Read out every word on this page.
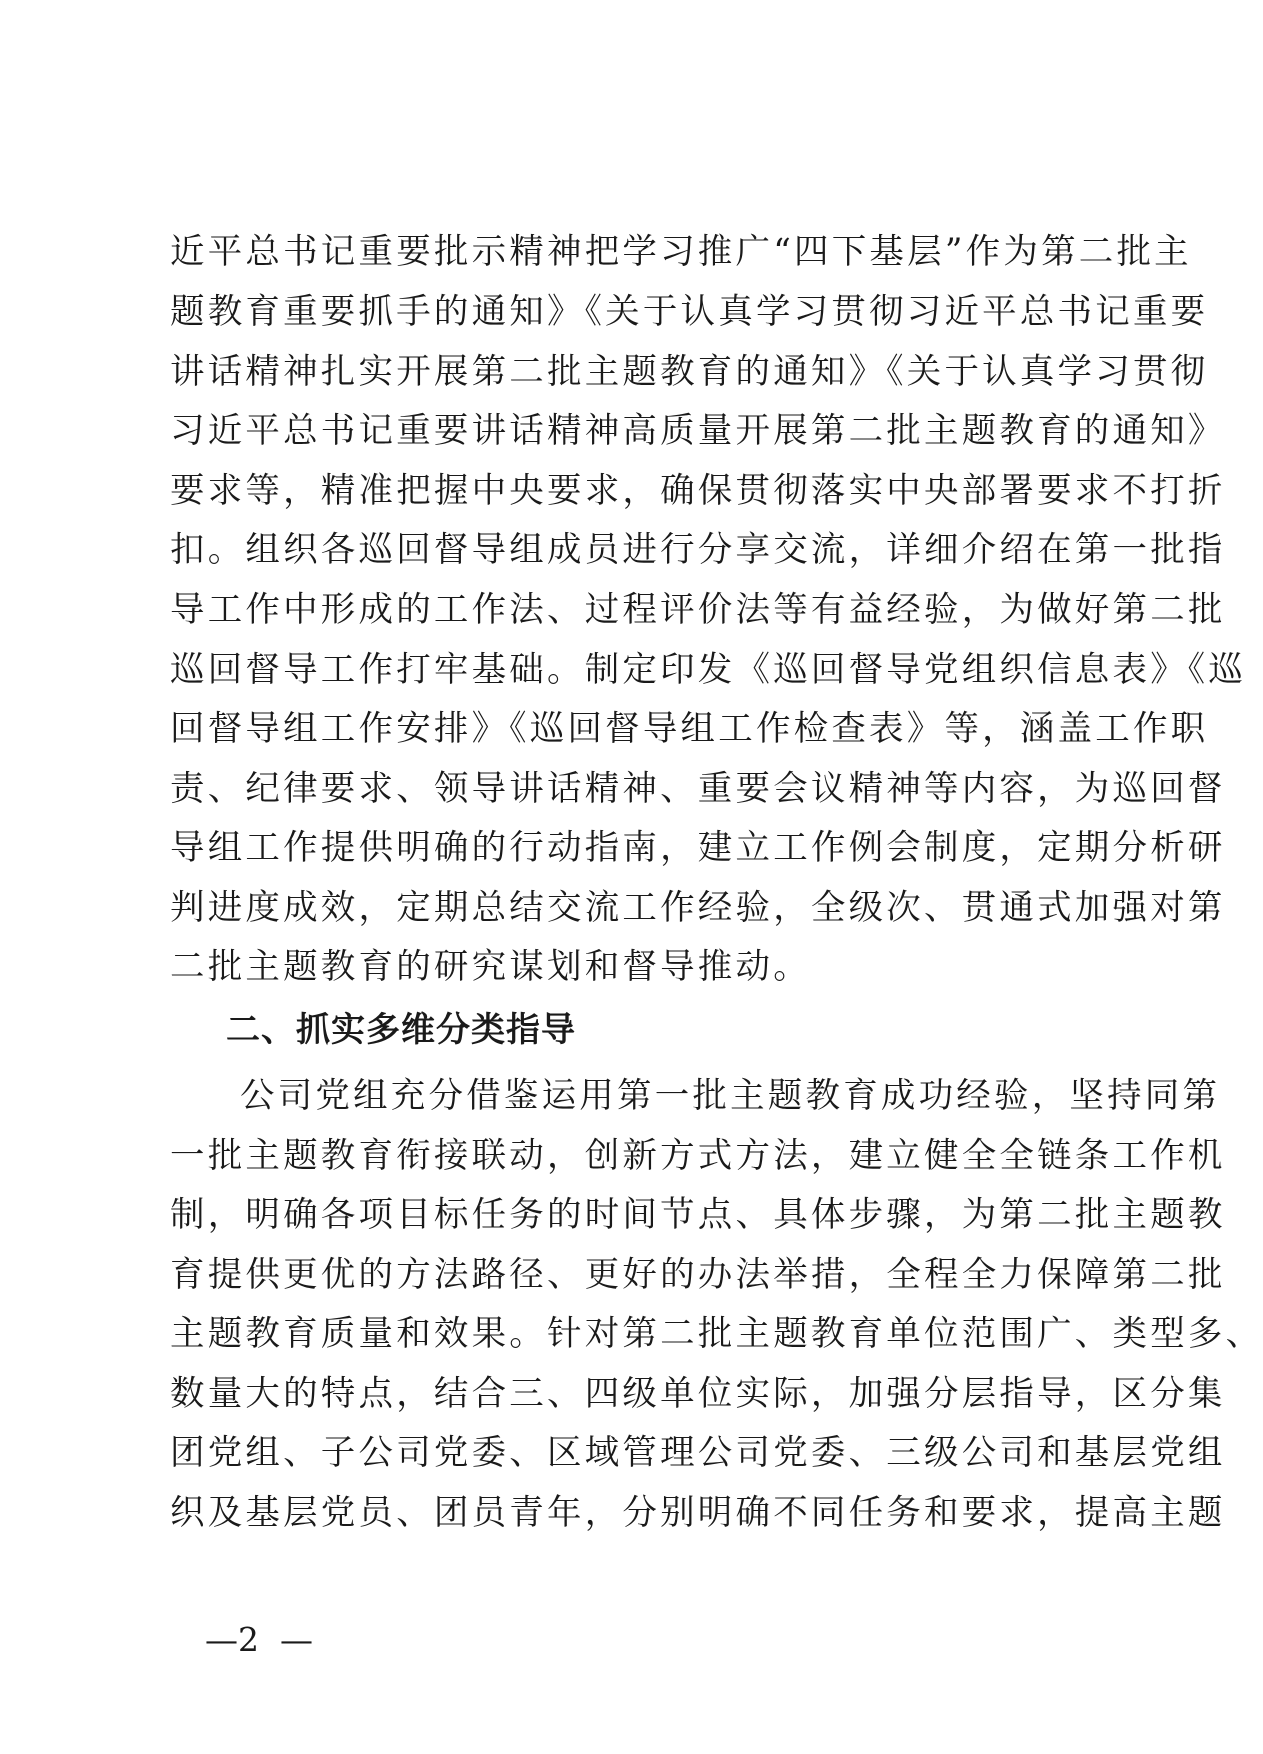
近平总书记重要批示精神把学习推广“四下基层”作为第二批主
题教育重要抓手的通知》《关于认真学习贯彻习近平总书记重要
讲话精神扎实开展第二批主题教育的通知》《关于认真学习贯彻
习近平总书记重要讲话精神高质量开展第二批主题教育的通知》
要求等，精准把握中央要求，确保贯彻落实中央部署要求不打折
扣。组织各巡回督导组成员进行分享交流，详细介绍在第一批指
导工作中形成的工作法、过程评价法等有益经验，为做好第二批
巡回督导工作打牢基础。制定印发《巡回督导党组织信息表》《巡
回督导组工作安排》《巡回督导组工作检查表》等，涵盖工作职
责、纪律要求、领导讲话精神、重要会议精神等内容，为巡回督
导组工作提供明确的行动指南，建立工作例会制度，定期分析研
判进度成效，定期总结交流工作经验，全级次、贯通式加强对第
二批主题教育的研究谋划和督导推动。
二、抓实多维分类指导
公司党组充分借鉴运用第一批主题教育成功经验，坚持同第
一批主题教育衔接联动，创新方式方法，建立健全全链条工作机
制，明确各项目标任务的时间节点、具体步骤，为第二批主题教
育提供更优的方法路径、更好的办法举措，全程全力保障第二批
主题教育质量和效果。针对第二批主题教育单位范围广、类型多、
数量大的特点，结合三、四级单位实际，加强分层指导，区分集
团党组、子公司党委、区域管理公司党委、三级公司和基层党组
织及基层党员、团员青年，分别明确不同任务和要求，提高主题
—2  —
